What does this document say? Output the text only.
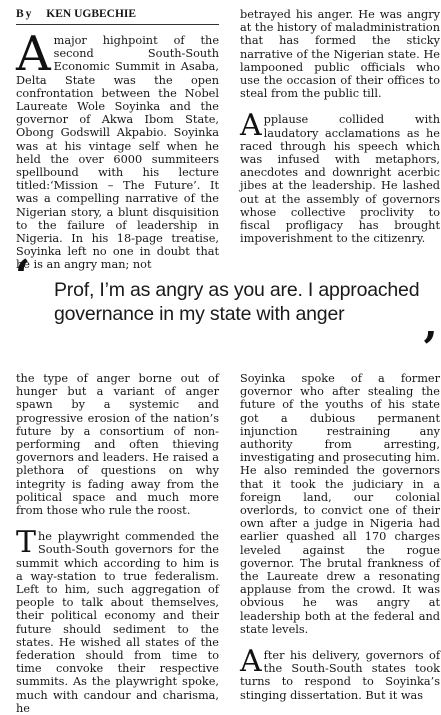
By KEN UGBECHIE

Amajor highpoint of the second South-South Economic Summit in Asaba, Delta State was the open confrontation between the Nobel Laureate Wole Soyinka and the governor of Akwa Ibom State, Obong Godswill Akpabio. Soyinka was at his vintage self when he held the over 6000 summiteers spellbound with his lecture titled:‘Mission – The Future’. It was a compelling narrative of the Nigerian story, a blunt disquisition to the failure of leadership in Nigeria. In his 18-page treatise, Soyinka left no one in doubt that he is an angry man; not

betrayed his anger. He was angry at the history of maladministration that has formed the sticky narrative of the Nigerian state. He lampooned public officials who use the occasion of their offices to steal from the public till.

Applause collided with laudatory acclamations as he raced through his speech which was infused with metaphors, anecdotes and downright acerbic jibes at the leadership. He lashed out at the assembly of governors whose collective proclivity to fiscal profligacy has brought impoverishment to the citizenry.

‘ Prof, I’m as angry as you are. I approached governance in my state with anger
’

the type of anger borne out of hunger but a variant of anger spawn by a systemic and progressive erosion of the nation’s future by a consortium of non-performing and often thieving governors and leaders. He raised a plethora of questions on why integrity is fading away from the political space and much more from those who rule the roost.

The playwright commended the South-South governors for the summit which according to him is a way-station to true federalism. Left to him, such aggregation of people to talk about themselves, their political economy and their future should sediment to the states. He wished all states of the federation should from time to time convoke their respective summits. As the playwright spoke, much with candour and charisma, he

Soyinka spoke of a former governor who after stealing the future of the youths of his state got a dubious permanent injunction restraining any authority from arresting, investigating and prosecuting him. He also reminded the governors that it took the judiciary in a foreign land, our colonial overlords, to convict one of their own after a judge in Nigeria had earlier quashed all 170 charges leveled against the rogue governor. The brutal frankness of the Laureate drew a resonating applause from the crowd. It was obvious he was angry at leadership both at the federal and state levels.

After his delivery, governors of the South-South states took turns to respond to Soyinka’s stinging dissertation. But it was
